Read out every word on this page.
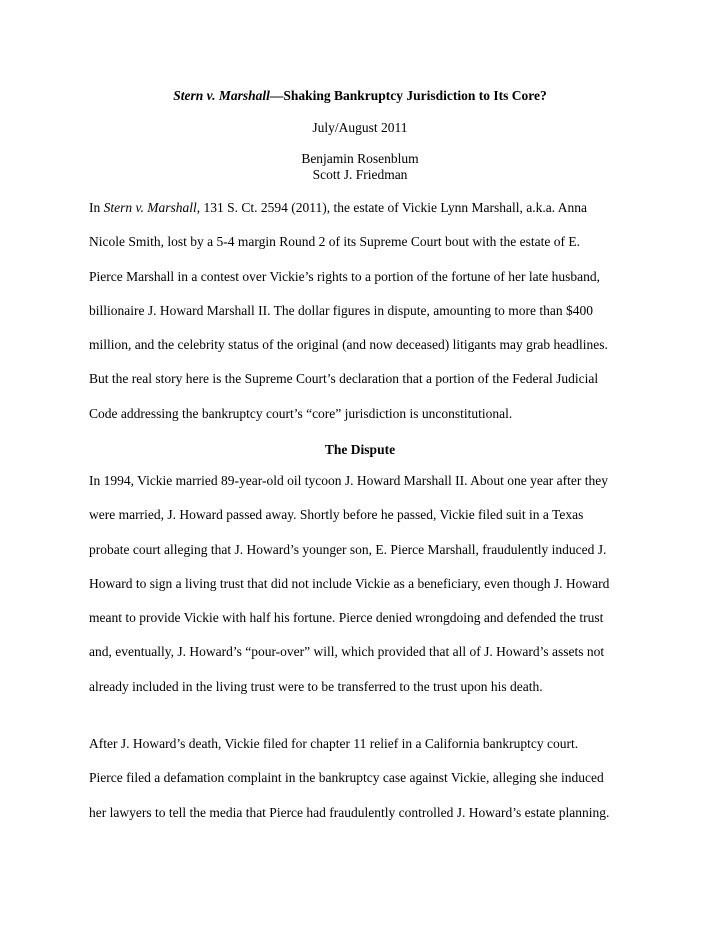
Stern v. Marshall—Shaking Bankruptcy Jurisdiction to Its Core?
July/August 2011
Benjamin Rosenblum
Scott J. Friedman
In Stern v. Marshall, 131 S. Ct. 2594 (2011), the estate of Vickie Lynn Marshall, a.k.a. Anna
Nicole Smith, lost by a 5-4 margin Round 2 of its Supreme Court bout with the estate of E.
Pierce Marshall in a contest over Vickie’s rights to a portion of the fortune of her late husband,
billionaire J. Howard Marshall II. The dollar figures in dispute, amounting to more than $400
million, and the celebrity status of the original (and now deceased) litigants may grab headlines.
But the real story here is the Supreme Court’s declaration that a portion of the Federal Judicial
Code addressing the bankruptcy court’s “core” jurisdiction is unconstitutional.
The Dispute
In 1994, Vickie married 89-year-old oil tycoon J. Howard Marshall II. About one year after they
were married, J. Howard passed away. Shortly before he passed, Vickie filed suit in a Texas
probate court alleging that J. Howard’s younger son, E. Pierce Marshall, fraudulently induced J.
Howard to sign a living trust that did not include Vickie as a beneficiary, even though J. Howard
meant to provide Vickie with half his fortune. Pierce denied wrongdoing and defended the trust
and, eventually, J. Howard’s “pour-over” will, which provided that all of J. Howard’s assets not
already included in the living trust were to be transferred to the trust upon his death.
After J. Howard’s death, Vickie filed for chapter 11 relief in a California bankruptcy court.
Pierce filed a defamation complaint in the bankruptcy case against Vickie, alleging she induced
her lawyers to tell the media that Pierce had fraudulently controlled J. Howard’s estate planning.
